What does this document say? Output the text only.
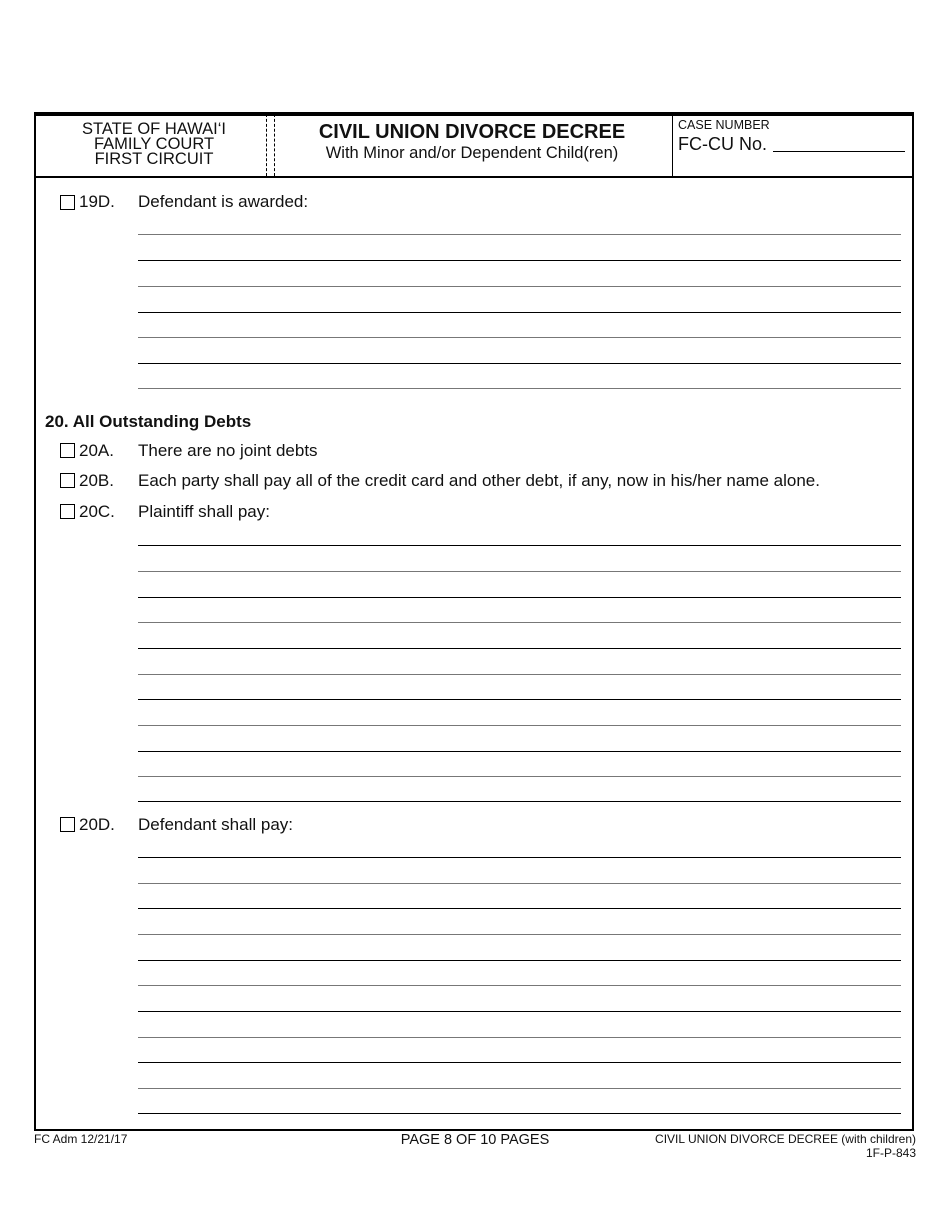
STATE OF HAWAI‘I
FAMILY COURT
FIRST CIRCUIT
CIVIL UNION DIVORCE DECREE
With Minor and/or Dependent Child(ren)
CASE NUMBER
FC-CU No.
19D. Defendant is awarded:
20. All Outstanding Debts
20A. There are no joint debts
20B. Each party shall pay all of the credit card and other debt, if any, now in his/her name alone.
20C. Plaintiff shall pay:
20D. Defendant shall pay:
FC Adm 12/21/17	PAGE 8 OF 10 PAGES	CIVIL UNION DIVORCE DECREE (with children)
1F-P-843
